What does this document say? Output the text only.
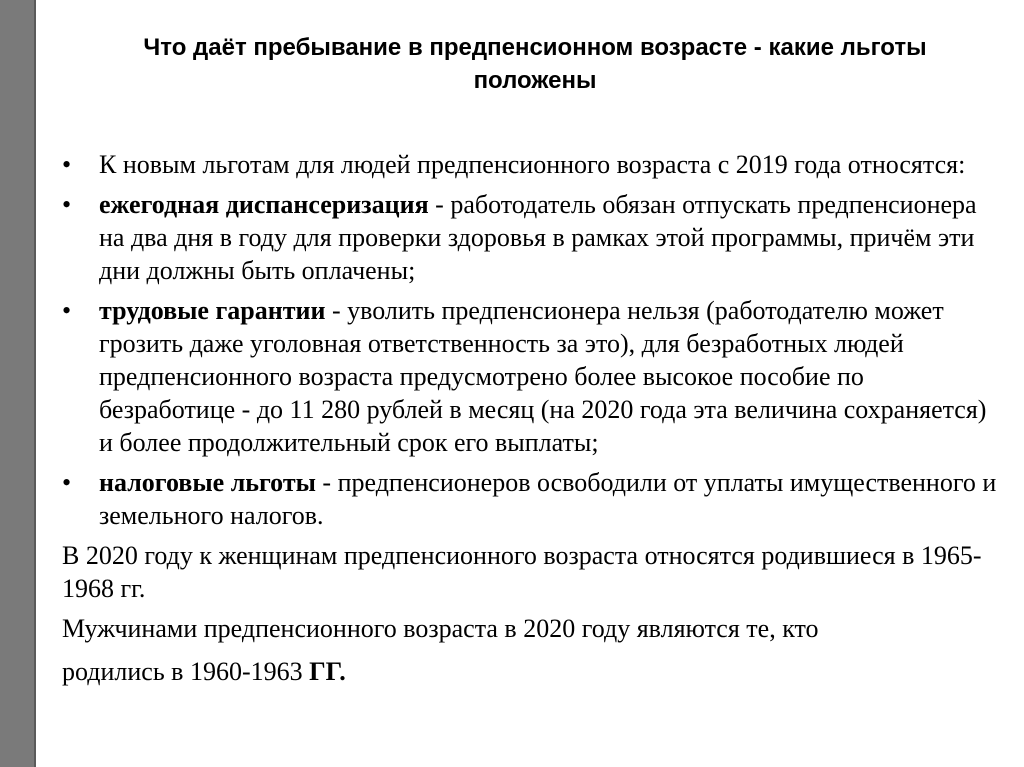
Что даёт пребывание в предпенсионном возрасте - какие льготы положены
•	К новым льготам для людей предпенсионного возраста с 2019 года относятся:
•	ежегодная диспансеризация - работодатель обязан отпускать предпенсионера на два дня в году для проверки здоровья в рамках этой программы, причём эти дни должны быть оплачены;
•	трудовые гарантии - уволить предпенсионера нельзя (работодателю может грозить даже уголовная ответственность за это), для безработных людей предпенсионного возраста предусмотрено более высокое пособие по безработице - до 11 280 рублей в месяц (на 2020 года эта величина сохраняется) и более продолжительный срок его выплаты;
•	налоговые льготы - предпенсионеров освободили от уплаты имущественного и земельного налогов.

В 2020 году к женщинам предпенсионного возраста относятся родившиеся в 1965-1968 гг.

Мужчинами предпенсионного возраста в 2020 году являются те, кто
родились в 1960-1963 ГГ.
